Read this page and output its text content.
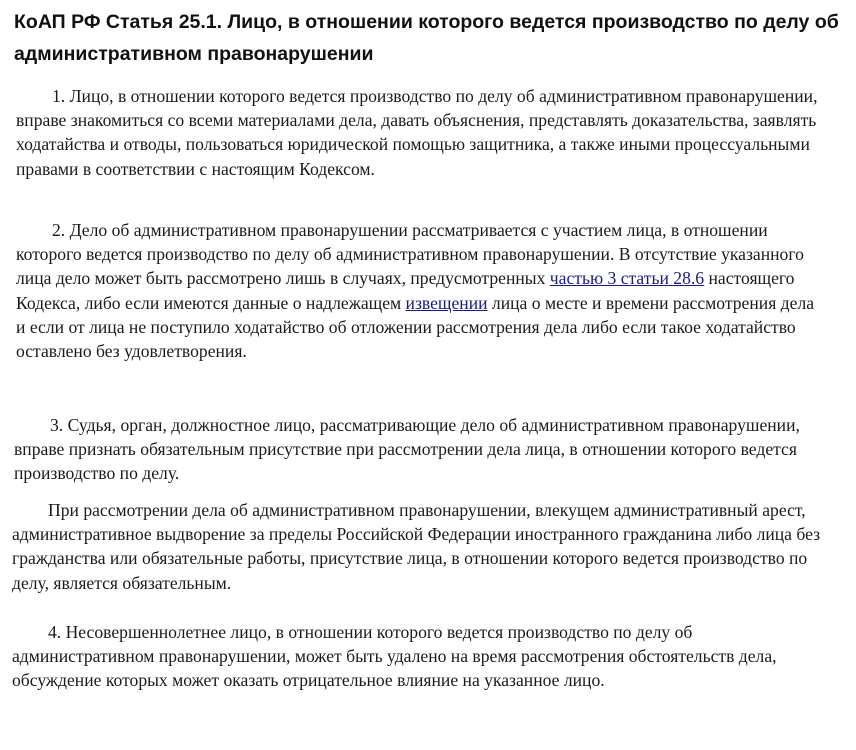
КоАП РФ Статья 25.1. Лицо, в отношении которого ведется производство по делу об административном правонарушении

1. Лицо, в отношении которого ведется производство по делу об административном правонарушении, вправе знакомиться со всеми материалами дела, давать объяснения, представлять доказательства, заявлять ходатайства и отводы, пользоваться юридической помощью защитника, а также иными процессуальными правами в соответствии с настоящим Кодексом.

2. Дело об административном правонарушении рассматривается с участием лица, в отношении которого ведется производство по делу об административном правонарушении. В отсутствие указанного лица дело может быть рассмотрено лишь в случаях, предусмотренных частью 3 статьи 28.6 настоящего Кодекса, либо если имеются данные о надлежащем извещении лица о месте и времени рассмотрения дела и если от лица не поступило ходатайство об отложении рассмотрения дела либо если такое ходатайство оставлено без удовлетворения.

3. Судья, орган, должностное лицо, рассматривающие дело об административном правонарушении, вправе признать обязательным присутствие при рассмотрении дела лица, в отношении которого ведется производство по делу.

При рассмотрении дела об административном правонарушении, влекущем административный арест, административное выдворение за пределы Российской Федерации иностранного гражданина либо лица без гражданства или обязательные работы, присутствие лица, в отношении которого ведется производство по делу, является обязательным.

4. Несовершеннолетнее лицо, в отношении которого ведется производство по делу об административном правонарушении, может быть удалено на время рассмотрения обстоятельств дела, обсуждение которых может оказать отрицательное влияние на указанное лицо.
